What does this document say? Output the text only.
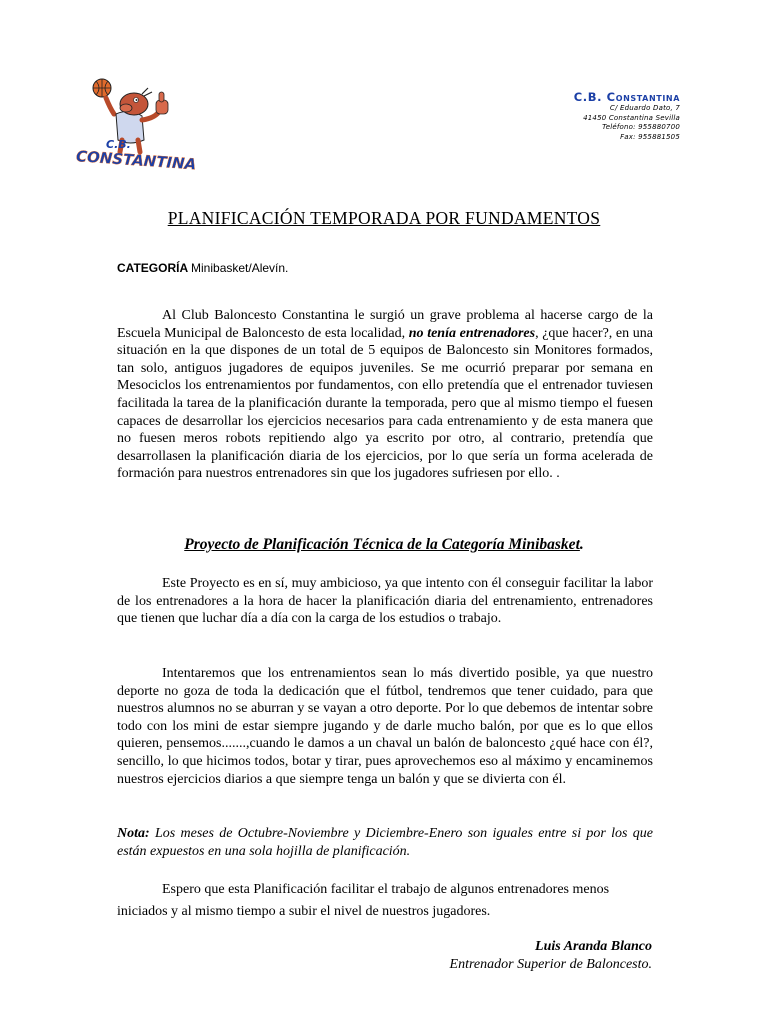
C.B.
CONSTANTINA
C.B. Constantina
C/ Eduardo Dato, 7
41450 Constantina Sevilla
Teléfono: 955880700
Fax: 955881505
PLANIFICACIÓN TEMPORADA POR FUNDAMENTOS
CATEGORÍA Minibasket/Alevín.
Al Club Baloncesto Constantina le surgió un grave problema al hacerse cargo de la Escuela Municipal de Baloncesto de esta localidad, no tenía entrenadores, ¿que hacer?, en una situación en la que dispones de un total de 5 equipos de Baloncesto sin Monitores formados, tan solo, antiguos jugadores de equipos juveniles. Se me ocurrió preparar por semana en Mesociclos los entrenamientos por fundamentos, con ello pretendía que el entrenador tuviesen facilitada la tarea de la planificación durante la temporada, pero que al mismo tiempo el fuesen capaces de desarrollar los ejercicios necesarios para cada entrenamiento y de esta manera que no fuesen meros robots repitiendo algo ya escrito por otro, al contrario, pretendía que desarrollasen la planificación diaria de los ejercicios, por lo que sería un forma acelerada de formación para nuestros entrenadores sin que los jugadores sufriesen por ello. .
Proyecto de Planificación Técnica de la Categoría Minibasket.
Este Proyecto es en sí, muy ambicioso, ya que intento con él conseguir facilitar la labor de los entrenadores a la hora de hacer la planificación diaria del entrenamiento, entrenadores que tienen que luchar día a día con la carga de los estudios o trabajo.
Intentaremos que los entrenamientos sean lo más divertido posible, ya que nuestro deporte no goza de toda la dedicación que el fútbol, tendremos que tener cuidado, para que nuestros alumnos no se aburran y se vayan a otro deporte. Por lo que debemos de intentar sobre todo con los mini de estar siempre jugando y de darle mucho balón, por que es lo que ellos quieren, pensemos.......,cuando le damos a un chaval un balón de baloncesto ¿qué hace con él?, sencillo, lo que hicimos todos, botar y tirar, pues aprovechemos eso al máximo y encaminemos nuestros ejercicios diarios a que siempre tenga un balón y que se divierta con él.
Nota: Los meses de Octubre-Noviembre y Diciembre-Enero son iguales entre si por los que están expuestos en una sola hojilla de planificación.
Espero que esta Planificación facilitar el trabajo de algunos entrenadores menos iniciados y al mismo tiempo a subir el nivel de nuestros jugadores.
Luis Aranda Blanco
Entrenador Superior de Baloncesto.
